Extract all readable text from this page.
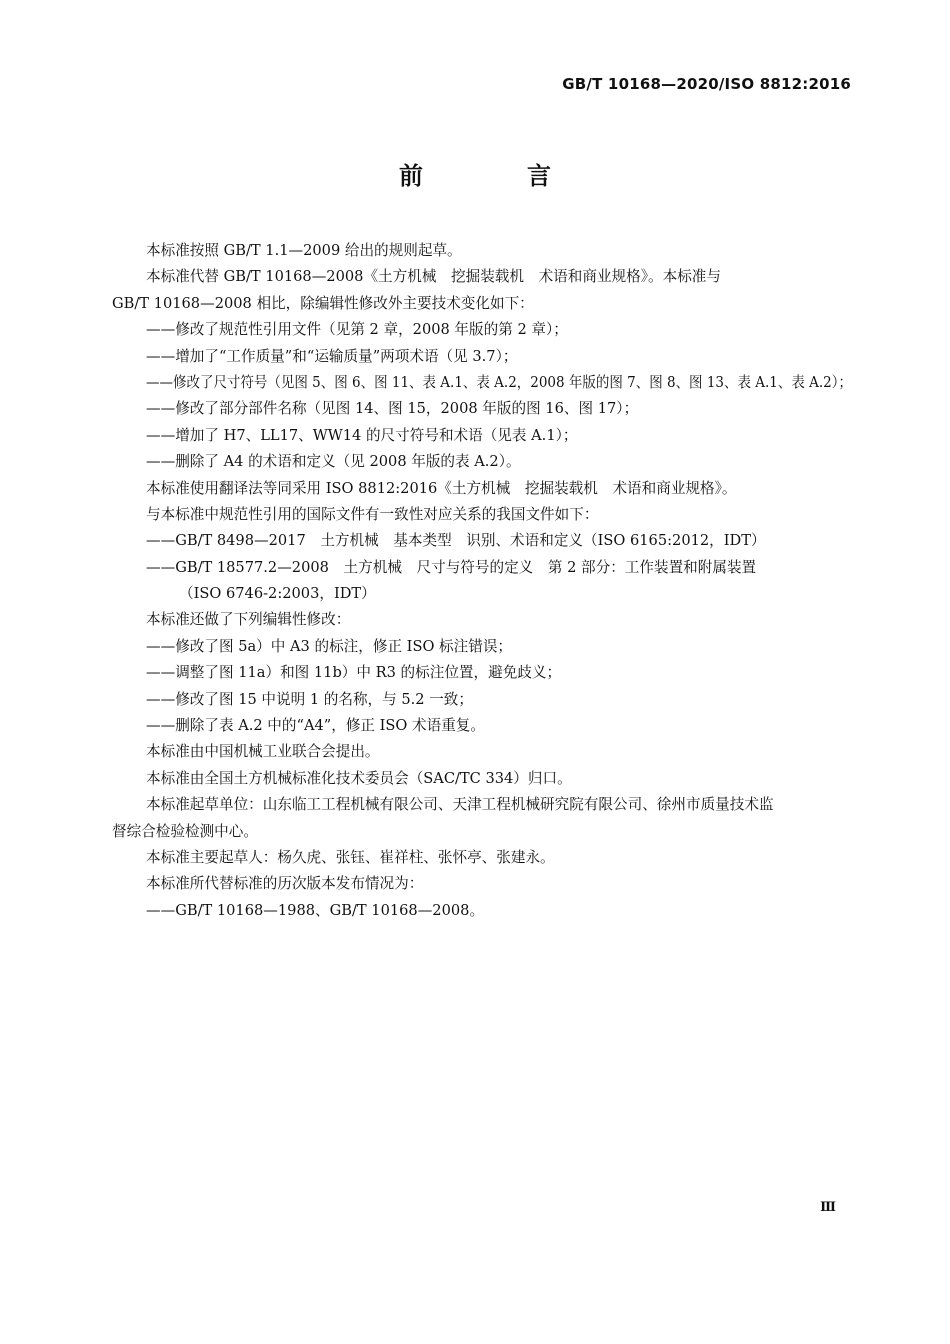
GB/T 10168—2020/ISO 8812:2016
前　言
本标准按照 GB/T 1.1—2009 给出的规则起草。
本标准代替 GB/T 10168—2008《土方机械　挖掘装载机　术语和商业规格》。本标准与
GB/T 10168—2008 相比，除编辑性修改外主要技术变化如下：
——修改了规范性引用文件（见第 2 章，2008 年版的第 2 章）；
——增加了“工作质量”和“运输质量”两项术语（见 3.7）；
——修改了尺寸符号（见图 5、图 6、图 11、表 A.1、表 A.2，2008 年版的图 7、图 8、图 13、表 A.1、表 A.2）；
——修改了部分部件名称（见图 14、图 15，2008 年版的图 16、图 17）；
——增加了 H7、LL17、WW14 的尺寸符号和术语（见表 A.1）；
——删除了 A4 的术语和定义（见 2008 年版的表 A.2）。
本标准使用翻译法等同采用 ISO 8812:2016《土方机械　挖掘装载机　术语和商业规格》。
与本标准中规范性引用的国际文件有一致性对应关系的我国文件如下：
——GB/T 8498—2017　土方机械　基本类型　识别、术语和定义（ISO 6165:2012，IDT）
——GB/T 18577.2—2008　土方机械　尺寸与符号的定义　第 2 部分：工作装置和附属装置
（ISO 6746-2:2003，IDT）
本标准还做了下列编辑性修改：
——修改了图 5a）中 A3 的标注，修正 ISO 标注错误；
——调整了图 11a）和图 11b）中 R3 的标注位置，避免歧义；
——修改了图 15 中说明 1 的名称，与 5.2 一致；
——删除了表 A.2 中的“A4”，修正 ISO 术语重复。
本标准由中国机械工业联合会提出。
本标准由全国土方机械标准化技术委员会（SAC/TC 334）归口。
本标准起草单位：山东临工工程机械有限公司、天津工程机械研究院有限公司、徐州市质量技术监
督综合检验检测中心。
本标准主要起草人：杨久虎、张钰、崔祥柱、张怀亭、张建永。
本标准所代替标准的历次版本发布情况为：
——GB/T 10168—1988、GB/T 10168—2008。
Ⅲ
